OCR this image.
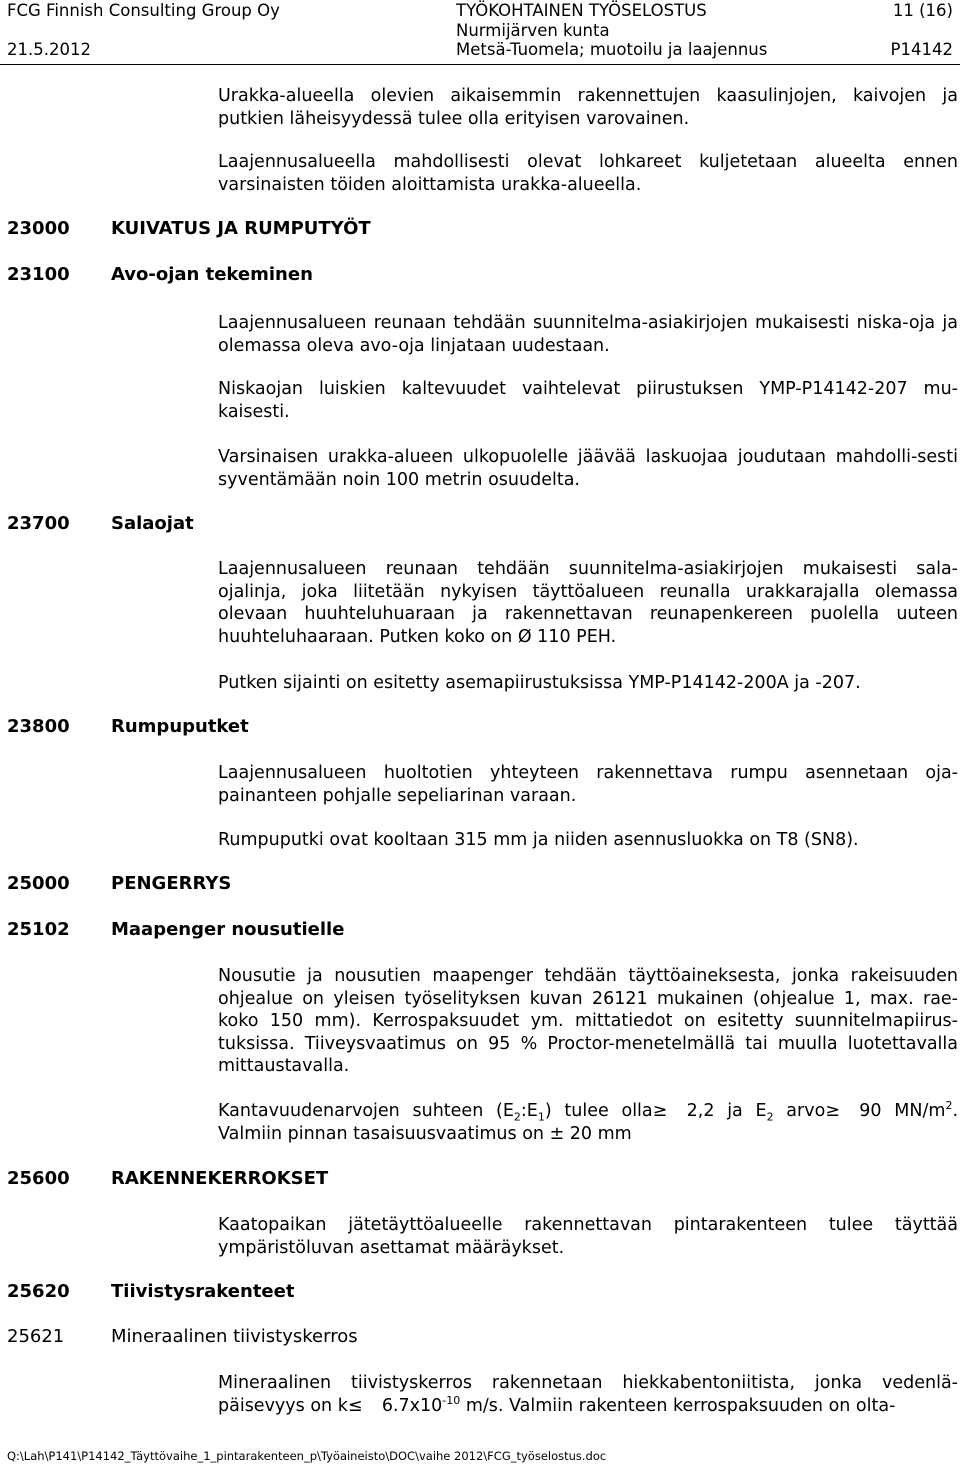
FCG Finnish Consulting Group Oy
21.5.2012
TYÖKOHTAINEN TYÖSELOSTUS
Nurmijärven kunta
Metsä-Tuomela; muotoilu ja laajennus
11 (16)
P14142
Urakka-alueella olevien aikaisemmin rakennettujen kaasulinjojen, kaivojen ja putkien läheisyydessä tulee olla erityisen varovainen.
Laajennusalueella mahdollisesti olevat lohkareet kuljetetaan alueelta ennen varsinaisten töiden aloittamista urakka-alueella.
23000 KUIVATUS JA RUMPUTYÖT
23100 Avo-ojan tekeminen
Laajennusalueen reunaan tehdään suunnitelma-asiakirjojen mukaisesti niska-oja ja olemassa oleva avo-oja linjataan uudestaan.
Niskaojan luiskien kaltevuudet vaihtelevat piirustuksen YMP-P14142-207 mu-kaisesti.
Varsinaisen urakka-alueen ulkopuolelle jäävää laskuojaa joudutaan mahdolli-sesti syventämään noin 100 metrin osuudelta.
23700 Salaojat
Laajennusalueen reunaan tehdään suunnitelma-asiakirjojen mukaisesti sala-ojalinja, joka liitetään nykyisen täyttöalueen reunalla urakkarajalla olemassa olevaan huuhteluhuaraan ja rakennettavan reunapenkereen puolella uuteen huuhteluhaaraan. Putken koko on Ø 110 PEH.
Putken sijainti on esitetty asemapiirustuksissa YMP-P14142-200A ja -207.
23800 Rumpuputket
Laajennusalueen huoltotien yhteyteen rakennettava rumpu asennetaan oja-painanteen pohjalle sepeliarinan varaan.
Rumpuputki ovat kooltaan 315 mm ja niiden asennusluokka on T8 (SN8).
25000 PENGERRYS
25102 Maapenger nousutielle
Nousutie ja nousutien maapenger tehdään täyttöaineksesta, jonka rakeisuuden ohjealue on yleisen työselityksen kuvan 26121 mukainen (ohjealue 1, max. rae-koko 150 mm). Kerrospaksuudet ym. mittatiedot on esitetty suunnitelmapiirus-tuksissa. Tiiveysvaatimus on 95 % Proctor-menetelmällä tai muulla luotettavalla mittaustavalla.
Kantavuudenarvojen suhteen $(E_2:E_1)$ tulee olla≥ 2,2 ja $E_2$ arvo≥ 90 $MN/m^2$. Valmiin pinnan tasaisuusvaatimus on ± 20 mm
25600 RAKENNEKERROKSET
Kaatopaikan jätetäyttöalueelle rakennettavan pintarakenteen tulee täyttää ympäristöluvan asettamat määräykset.
25620 Tiivistysrakenteet
25621	Mineraalinen tiivistyskerros
Mineraalinen tiivistyskerros rakennetaan hiekkabentoniitista, jonka vedenlä-päisevyys on $k\le 6.7x10^{-10}$ m/s. Valmiin rakenteen kerrospaksuuden on olta-
Q:\Lah\P141\P14142_Täyttövaihe_1_pintarakenteen_p\Työaineisto\DOC\vaihe 2012\FCG_työselostus.doc
